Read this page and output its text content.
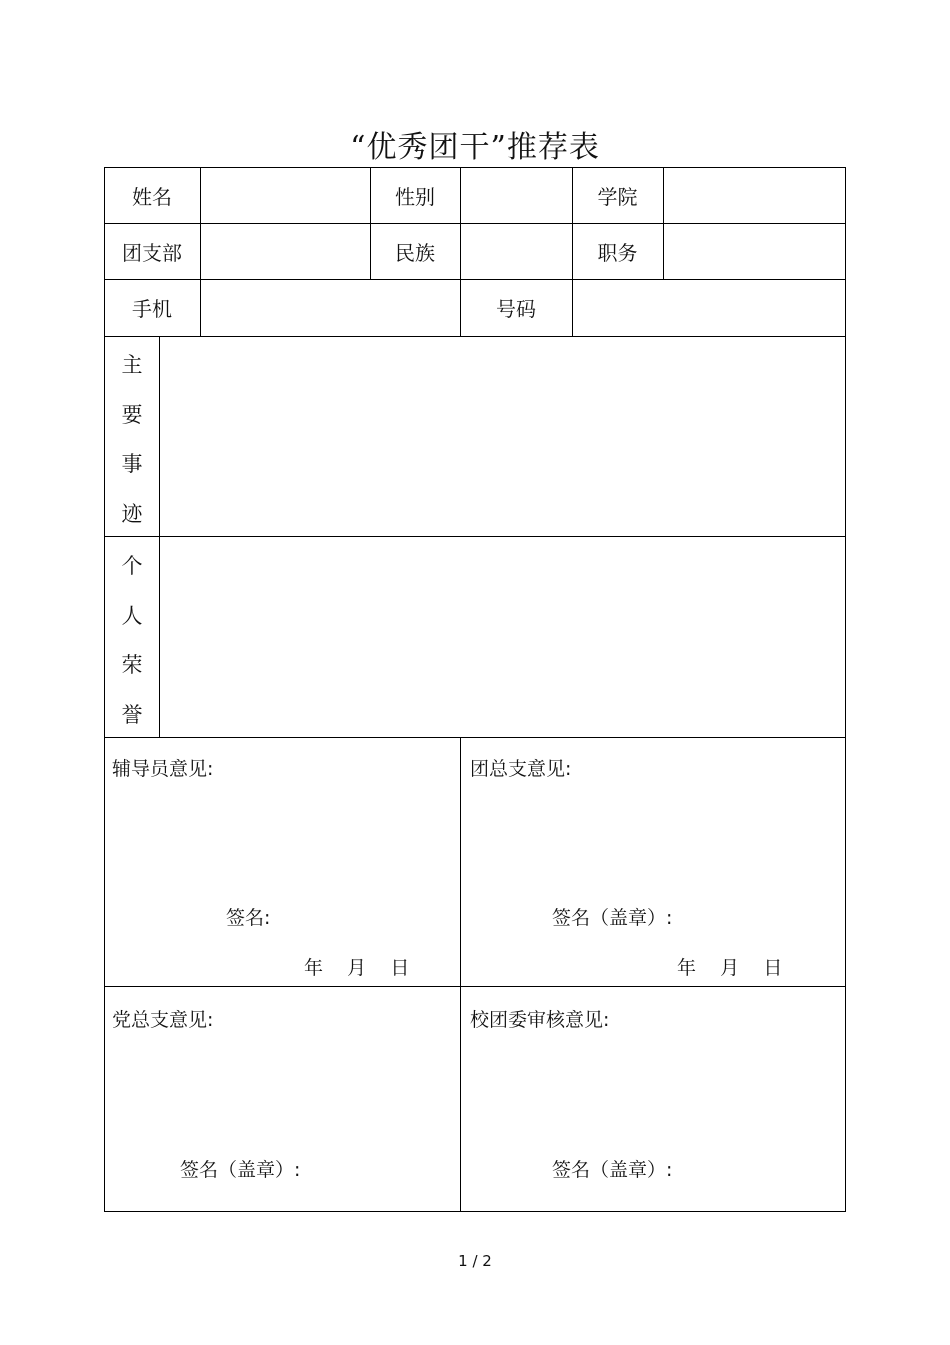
“优秀团干”推荐表
姓名	性别	学院
团支部	民族	职务
手机	号码
主
要
事
迹
个
人
荣
誉
辅导员意见:
签名:
年    月    日
团总支意见:
签名（盖章）:
年    月    日
党总支意见:
签名（盖章）:
校团委审核意见:
签名（盖章）:
1 / 2
